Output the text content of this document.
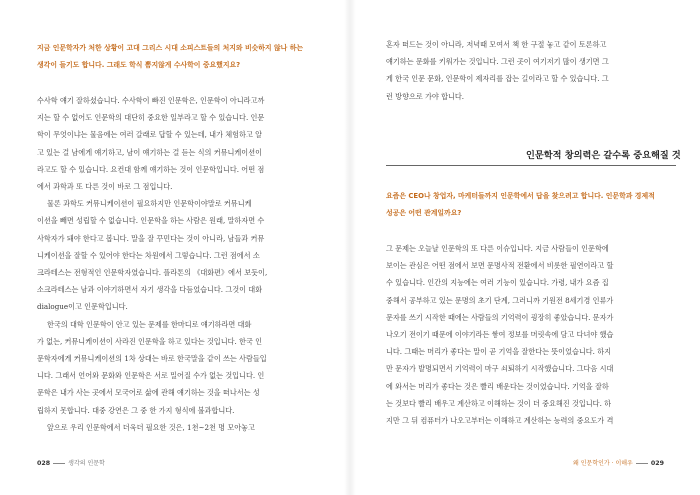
지금 인문학자가 처한 상황이 고대 그리스 시대 소피스트들의 처지와 비슷하지 않나 하는

생각이 들기도 합니다. 그래도 학식 뽐지않게 수사학이 중요했지요?

수사학 얘기 잘하셨습니다. 수사학이 빠진 인문학은, 인문학이 아니라고까

지는 할 수 없어도 인문학의 대단히 중요한 일부라고 할 수 있습니다. 인문

학이 무엇이냐는 물음에는 여러 갈래로 답할 수 있는데, 내가 체험하고 알

고 있는 걸 남에게 얘기하고, 남이 얘기하는 걸 듣는 식의 커뮤니케이션이

라고도 할 수 있습니다. 요컨대 함께 얘기하는 것이 인문학입니다. 어떤 점

에서 과학과 또 다른 것이 바로 그 점입니다.

물론 과학도 커뮤니케이션이 필요하지만 인문학이야말로 커뮤니케

이션을 빼면 성립할 수 없습니다. 인문학을 하는 사람은 원래, 말하자면 수

사학자가 돼야 한다고 봅니다. 말을 잘 꾸민다는 것이 아니라, 남들과 커뮤

니케이션을 잘할 수 있어야 한다는 차원에서 그렇습니다. 그런 점에서 소

크라테스는 전형적인 인문학자였습니다. 플라톤의 《대화편》에서 보듯이,

소크라테스는 남과 이야기하면서 자기 생각을 다듬었습니다. 그것이 대화

dialogue이고 인문학입니다.

한국의 대학 인문학이 안고 있는 문제를 한마디로 얘기하라면 대화

가 없는, 커뮤니케이션이 사라진 인문학을 하고 있다는 것입니다. 한국 인

문학자에게 커뮤니케이션의 1차 상대는 바로 한국말을 같이 쓰는 사람들입

니다. 그래서 언어와 문화와 인문학은 서로 밀어질 수가 없는 것입니다. 인

문학은 내가 사는 곳에서 모국어로 삶에 관해 얘기하는 것을 떠나서는 성

립하지 못합니다. 대중 강연은 그 중 한 가지 형식에 불과합니다.

앞으로 우리 인문학에서 더욱더 필요한 것은, 1천~2천 명 모아놓고

028	생각의 인문학

혼자 떠드는 것이 아니라, 저녁때 모여서 책 한 구절 놓고 같이 토론하고

얘기하는 문화를 키워가는 것입니다. 그런 곳이 여기저기 많이 생기면 그

게 한국 인문 문화, 인문학이 제자리를 잡는 길이라고 할 수 있습니다. 그

런 방향으로 가야 합니다.

인문학적 창의력은 갈수록 중요해질 것

요즘은 CEO나 창업자, 마케터들까지 인문학에서 답을 찾으려고 합니다. 인문학과 경제적

성공은 어떤 관계일까요?

그 문제는 오늘날 인문학의 또 다른 이슈입니다. 지금 사람들이 인문학에

보이는 관심은 어떤 점에서 보면 문명사적 전환에서 비롯한 필연이라고 할

수 있습니다. 인간의 지능에는 여러 기능이 있습니다. 가령, 내가 요즘 집

중해서 공부하고 있는 문명의 초기 단계, 그러니까 기원전 8세기경 인류가

문자를 쓰기 시작한 때에는 사람들의 기억력이 굉장히 좋았습니다. 문자가

나오기 전이기 때문에 이야기라든 쌓여 정보를 머릿속에 담고 다녀야 했습

니다. 그때는 머리가 좋다는 말이 곧 기억을 잘한다는 뜻이었습니다. 하지

만 문자가 발명되면서 기억력이 마구 쇠퇴하기 시작했습니다. 그다음 시대

에 와서는 머리가 좋다는 것은 빨리 배운다는 것이었습니다. 기억을 잘하

는 것보다 빨리 배우고 계산하고 이해하는 것이 더 중요해진 것입니다. 하

지만 그 뒤 컴퓨터가 나오고부터는 이해하고 계산하는 능력의 중요도가 격

왜 인문학인가 · 이해우	029
